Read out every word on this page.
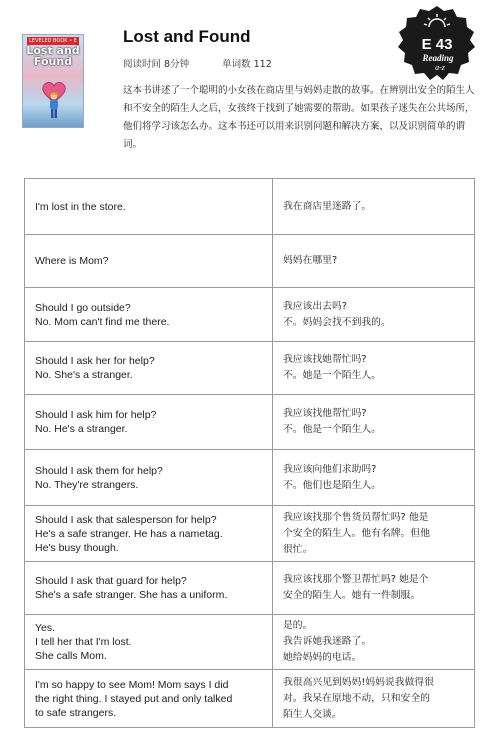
LEVELED BOOK • E
Lost and
Found
Lost and Found
阅读时间 8分钟	单词数 112
这本书讲述了一个聪明的小女孩在商店里与妈妈走散的故事。在辨别出安全的陌生人和不安全的陌生人之后，女孩终于找到了她需要的帮助。如果孩子迷失在公共场所，他们将学习该怎么办。这本书还可以用来识别问题和解决方案，以及识别简单的谓词。
E 43
Reading
a-z
I'm lost in the store.	我在商店里迷路了。

Where is Mom?	妈妈在哪里?

Should I go outside?
No. Mom can't find me there.	我应该出去吗?
不。妈妈会找不到我的。

Should I ask her for help?
No. She's a stranger.	我应该找她帮忙吗?
不。她是一个陌生人。

Should I ask him for help?
No. He's a stranger.	我应该找他帮忙吗?
不。他是一个陌生人。

Should I ask them for help?
No. They're strangers.	我应该向他们求助吗?
不。他们也是陌生人。

Should I ask that salesperson for help?
He's a safe stranger. He has a nametag.
He's busy though.	我应该找那个售货员帮忙吗? 他是
个安全的陌生人。他有名牌。但他
很忙。

Should I ask that guard for help?
She's a safe stranger. She has a uniform.	我应该找那个警卫帮忙吗? 她是个
安全的陌生人。她有一件制服。

Yes.
I tell her that I'm lost.
She calls Mom.	是的。
我告诉她我迷路了。
她给妈妈的电话。

I'm so happy to see Mom! Mom says I did
the right thing. I stayed put and only talked
to safe strangers.	我很高兴见到妈妈!妈妈说我做得很
对。我呆在原地不动，只和安全的
陌生人交谈。
